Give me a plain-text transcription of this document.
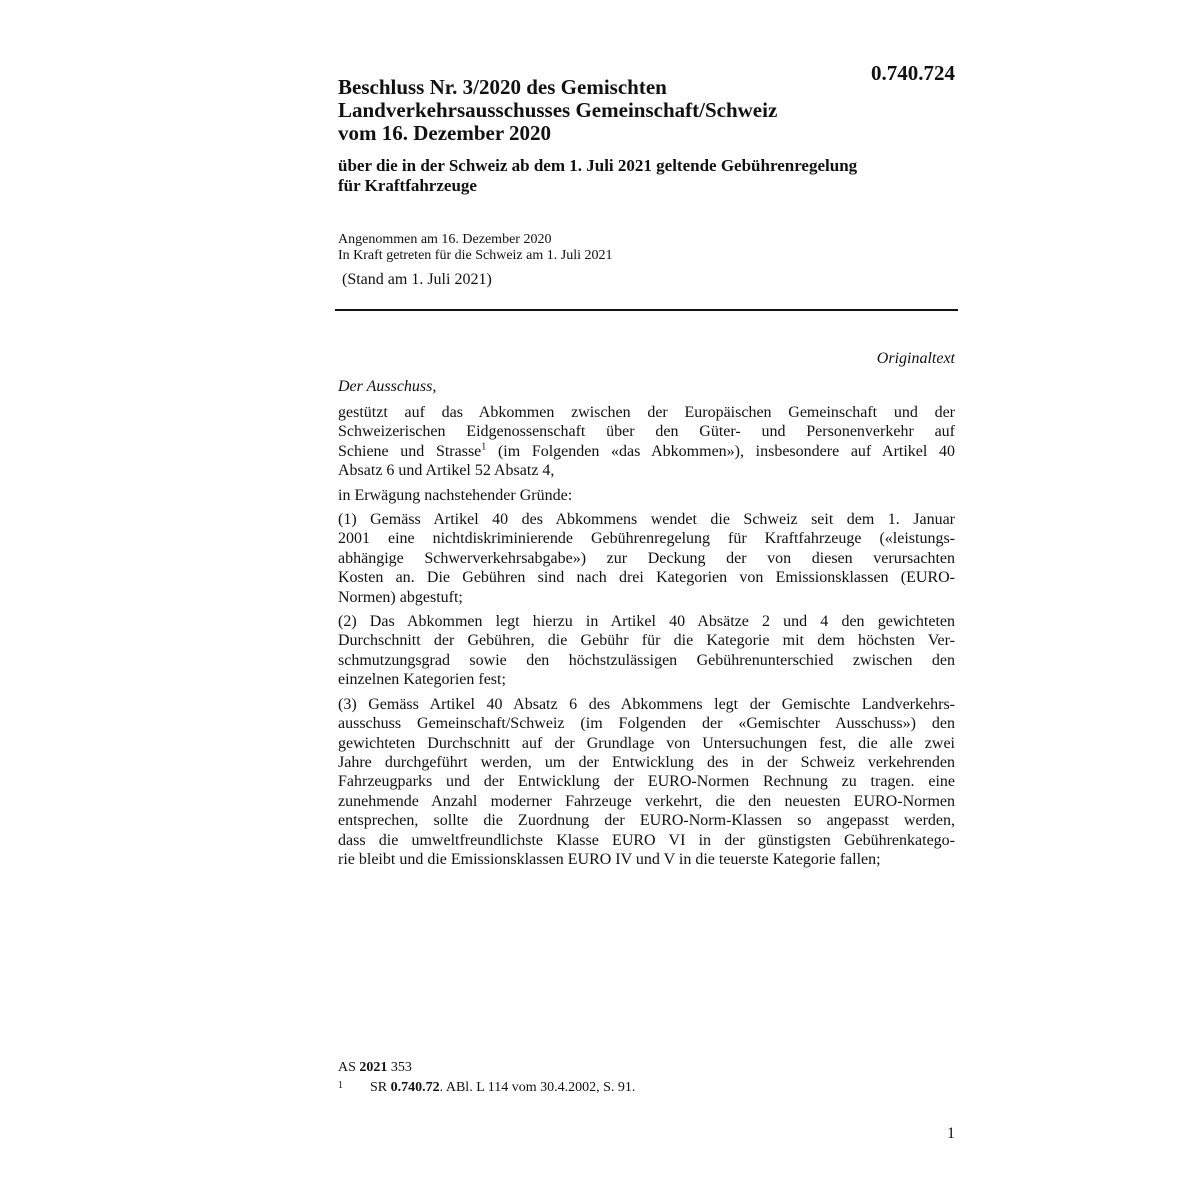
0.740.724
Beschluss Nr. 3/2020 des Gemischten
Landverkehrsausschusses Gemeinschaft/Schweiz
vom 16. Dezember 2020
über die in der Schweiz ab dem 1. Juli 2021 geltende Gebührenregelung
für Kraftfahrzeuge
Angenommen am 16. Dezember 2020
In Kraft getreten für die Schweiz am 1. Juli 2021
(Stand am 1. Juli 2021)
Originaltext
Der Ausschuss,

gestützt auf das Abkommen zwischen der Europäischen Gemeinschaft und der
Schweizerischen Eidgenossenschaft über den Güter- und Personenverkehr auf
Schiene und Strasse$^1$ (im Folgenden «das Abkommen»), insbesondere auf Artikel 40
Absatz 6 und Artikel 52 Absatz 4,

in Erwägung nachstehender Gründe:

(1) Gemäss Artikel 40 des Abkommens wendet die Schweiz seit dem 1. Januar
2001 eine nichtdiskriminierende Gebührenregelung für Kraftfahrzeuge («leistungs-
abhängige Schwerverkehrsabgabe») zur Deckung der von diesen verursachten
Kosten an. Die Gebühren sind nach drei Kategorien von Emissionsklassen (EURO-
Normen) abgestuft;

(2) Das Abkommen legt hierzu in Artikel 40 Absätze 2 und 4 den gewichteten
Durchschnitt der Gebühren, die Gebühr für die Kategorie mit dem höchsten Ver-
schmutzungsgrad sowie den höchstzulässigen Gebührenunterschied zwischen den
einzelnen Kategorien fest;

(3) Gemäss Artikel 40 Absatz 6 des Abkommens legt der Gemischte Landverkehrs-
ausschuss Gemeinschaft/Schweiz (im Folgenden der «Gemischter Ausschuss») den
gewichteten Durchschnitt auf der Grundlage von Untersuchungen fest, die alle zwei
Jahre durchgeführt werden, um der Entwicklung des in der Schweiz verkehrenden
Fahrzeugparks und der Entwicklung der EURO-Normen Rechnung zu tragen. eine
zunehmende Anzahl moderner Fahrzeuge verkehrt, die den neuesten EURO-Normen
entsprechen, sollte die Zuordnung der EURO-Norm-Klassen so angepasst werden,
dass die umweltfreundlichste Klasse EURO VI in der günstigsten Gebührenkatego-
rie bleibt und die Emissionsklassen EURO IV und V in die teuerste Kategorie fallen;

AS 2021 353
1 SR 0.740.72. ABl. L 114 vom 30.4.2002, S. 91.
1
